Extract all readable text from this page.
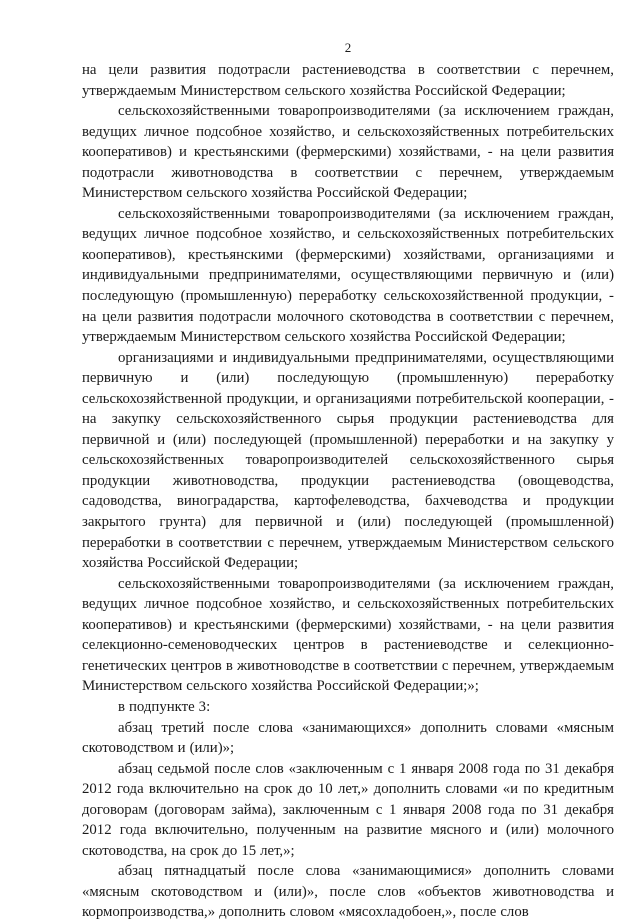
2

на цели развития подотрасли растениеводства в соответствии с перечнем, утверждаемым Министерством сельского хозяйства Российской Федерации;

сельскохозяйственными товаропроизводителями (за исключением граждан, ведущих личное подсобное хозяйство, и сельскохозяйственных потребительских кооперативов) и крестьянскими (фермерскими) хозяйствами, - на цели развития подотрасли животноводства в соответствии с перечнем, утверждаемым Министерством сельского хозяйства Российской Федерации;

сельскохозяйственными товаропроизводителями (за исключением граждан, ведущих личное подсобное хозяйство, и сельскохозяйственных потребительских кооперативов), крестьянскими (фермерскими) хозяйствами, организациями и индивидуальными предпринимателями, осуществляющими первичную и (или) последующую (промышленную) переработку сельскохозяйственной продукции, - на цели развития подотрасли молочного скотоводства в соответствии с перечнем, утверждаемым Министерством сельского хозяйства Российской Федерации;

организациями и индивидуальными предпринимателями, осуществляющими первичную и (или) последующую (промышленную) переработку сельскохозяйственной продукции, и организациями потребительской кооперации, - на закупку сельскохозяйственного сырья продукции растениеводства для первичной и (или) последующей (промышленной) переработки и на закупку у сельскохозяйственных товаропроизводителей сельскохозяйственного сырья продукции животноводства, продукции растениеводства (овощеводства, садоводства, виноградарства, картофелеводства, бахчеводства и продукции закрытого грунта) для первичной и (или) последующей (промышленной) переработки в соответствии с перечнем, утверждаемым Министерством сельского хозяйства Российской Федерации;

сельскохозяйственными товаропроизводителями (за исключением граждан, ведущих личное подсобное хозяйство, и сельскохозяйственных потребительских кооперативов) и крестьянскими (фермерскими) хозяйствами, - на цели развития селекционно-семеноводческих центров в растениеводстве и селекционно-генетических центров в животноводстве в соответствии с перечнем, утверждаемым Министерством сельского хозяйства Российской Федерации;»;

в подпункте 3:

абзац третий после слова «занимающихся» дополнить словами «мясным скотоводством и (или)»;

абзац седьмой после слов «заключенным с 1 января 2008 года по 31 декабря 2012 года включительно на срок до 10 лет,» дополнить словами «и по кредитным договорам (договорам займа), заключенным с 1 января 2008 года по 31 декабря 2012 года включительно, полученным на развитие мясного и (или) молочного скотоводства, на срок до 15 лет,»;

абзац пятнадцатый после слова «занимающимися» дополнить словами «мясным скотоводством и (или)», после слов «объектов животноводства и кормопроизводства,» дополнить словом «мясохладобоен,», после слов
